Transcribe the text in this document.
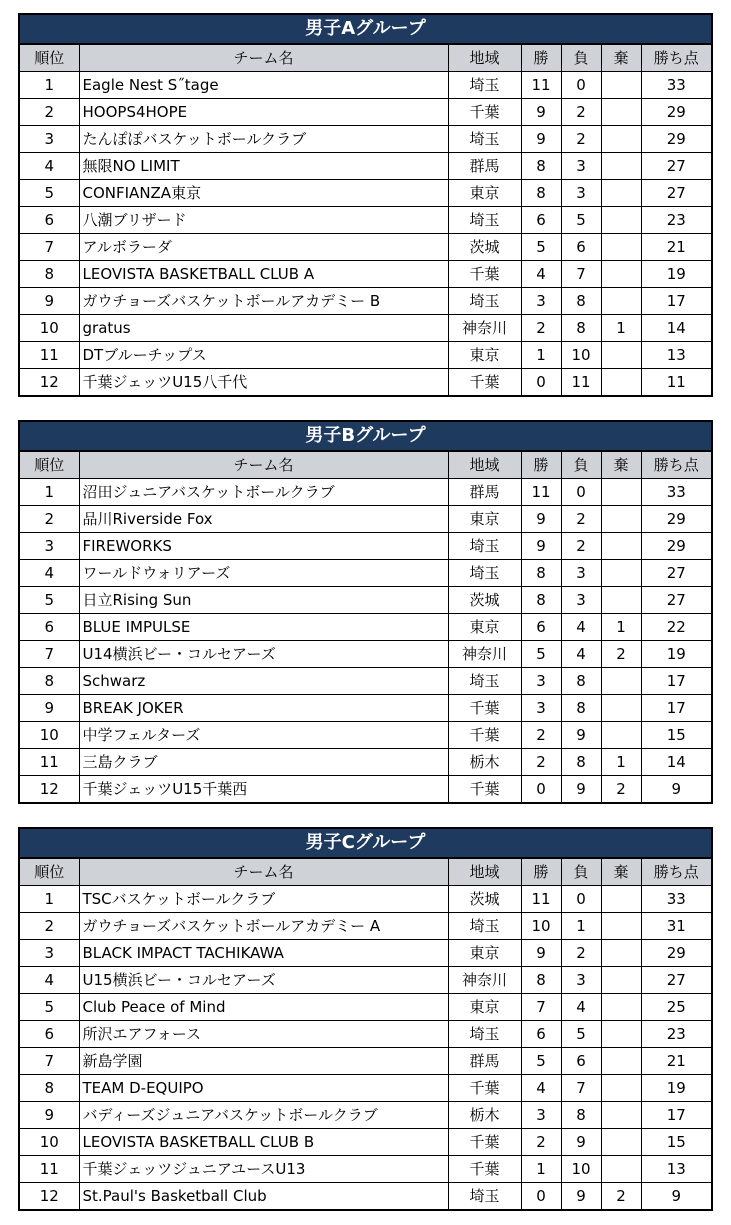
男子Aグループ						
順位	チーム名	地域	勝	負	棄	勝ち点
1	Eagle Nest S˝tage	埼玉	11	0		33
2	HOOPS4HOPE	千葉	9	2		29
3	たんぽぽバスケットボールクラブ	埼玉	9	2		29
4	無限NO LIMIT	群馬	8	3		27
5	CONFIANZA東京	東京	8	3		27
6	八潮ブリザード	埼玉	6	5		23
7	アルボラーダ	茨城	5	6		21
8	LEOVISTA BASKETBALL CLUB A	千葉	4	7		19
9	ガウチョーズバスケットボールアカデミー B	埼玉	3	8		17
10	gratus	神奈川	2	8	1	14
11	DTブルーチップス	東京	1	10		13
12	千葉ジェッツU15八千代	千葉	0	11		11
男子Bグループ						
順位	チーム名	地域	勝	負	棄	勝ち点
1	沼田ジュニアバスケットボールクラブ	群馬	11	0		33
2	品川Riverside Fox	東京	9	2		29
3	FIREWORKS	埼玉	9	2		29
4	ワールドウォリアーズ	埼玉	8	3		27
5	日立Rising Sun	茨城	8	3		27
6	BLUE IMPULSE	東京	6	4	1	22
7	U14横浜ビー・コルセアーズ	神奈川	5	4	2	19
8	Schwarz	埼玉	3	8		17
9	BREAK JOKER	千葉	3	8		17
10	中学フェルターズ	千葉	2	9		15
11	三島クラブ	栃木	2	8	1	14
12	千葉ジェッツU15千葉西	千葉	0	9	2	9
男子Cグループ						
順位	チーム名	地域	勝	負	棄	勝ち点
1	TSCバスケットボールクラブ	茨城	11	0		33
2	ガウチョーズバスケットボールアカデミー A	埼玉	10	1		31
3	BLACK IMPACT TACHIKAWA	東京	9	2		29
4	U15横浜ビー・コルセアーズ	神奈川	8	3		27
5	Club Peace of Mind	東京	7	4		25
6	所沢エアフォース	埼玉	6	5		23
7	新島学園	群馬	5	6		21
8	TEAM D-EQUIPO	千葉	4	7		19
9	バディーズジュニアバスケットボールクラブ	栃木	3	8		17
10	LEOVISTA BASKETBALL CLUB B	千葉	2	9		15
11	千葉ジェッツジュニアユースU13	千葉	1	10		13
12	St.Paul's Basketball Club	埼玉	0	9	2	9
